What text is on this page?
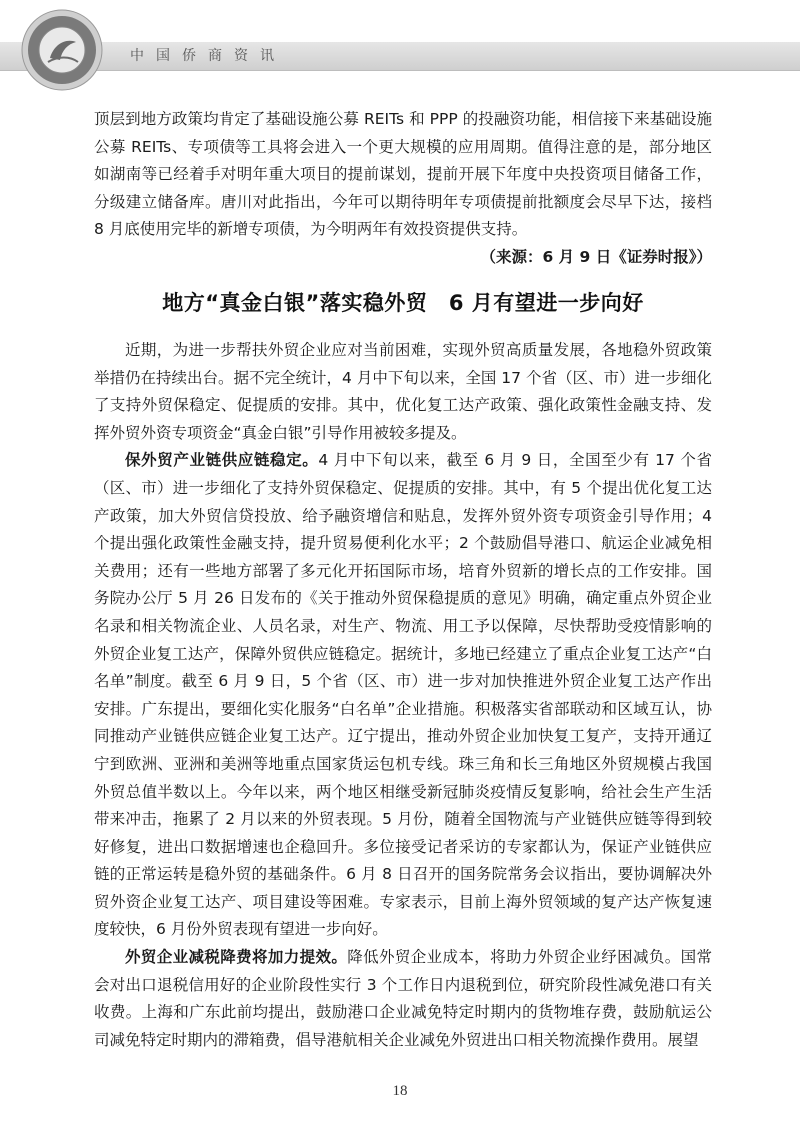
中国侨商联合会
中国侨商资讯

顶层到地方政策均肯定了基础设施公募 REITs 和 PPP 的投融资功能，相信接下来基础设施公募 REITs、专项债等工具将会进入一个更大规模的应用周期。值得注意的是，部分地区如湖南等已经着手对明年重大项目的提前谋划，提前开展下年度中央投资项目储备工作，分级建立储备库。唐川对此指出，今年可以期待明年专项债提前批额度会尽早下达，接档 8 月底使用完毕的新增专项债，为今明两年有效投资提供支持。
（来源：6 月 9 日《证券时报》）

地方“真金白银”落实稳外贸　6 月有望进一步向好

近期，为进一步帮扶外贸企业应对当前困难，实现外贸高质量发展，各地稳外贸政策举措仍在持续出台。据不完全统计，4 月中下旬以来，全国 17 个省（区、市）进一步细化了支持外贸保稳定、促提质的安排。其中，优化复工达产政策、强化政策性金融支持、发挥外贸外资专项资金“真金白银”引导作用被较多提及。

保外贸产业链供应链稳定。4 月中下旬以来，截至 6 月 9 日，全国至少有 17 个省（区、市）进一步细化了支持外贸保稳定、促提质的安排。其中，有 5 个提出优化复工达产政策，加大外贸信贷投放、给予融资增信和贴息，发挥外贸外资专项资金引导作用；4 个提出强化政策性金融支持，提升贸易便利化水平；2 个鼓励倡导港口、航运企业减免相关费用；还有一些地方部署了多元化开拓国际市场，培育外贸新的增长点的工作安排。国务院办公厅 5 月 26 日发布的《关于推动外贸保稳提质的意见》明确，确定重点外贸企业名录和相关物流企业、人员名录，对生产、物流、用工予以保障，尽快帮助受疫情影响的外贸企业复工达产，保障外贸供应链稳定。据统计，多地已经建立了重点企业复工达产“白名单”制度。截至 6 月 9 日，5 个省（区、市）进一步对加快推进外贸企业复工达产作出安排。广东提出，要细化实化服务“白名单”企业措施。积极落实省部联动和区域互认，协同推动产业链供应链企业复工达产。辽宁提出，推动外贸企业加快复工复产，支持开通辽宁到欧洲、亚洲和美洲等地重点国家货运包机专线。珠三角和长三角地区外贸规模占我国外贸总值半数以上。今年以来，两个地区相继受新冠肺炎疫情反复影响，给社会生产生活带来冲击，拖累了 2 月以来的外贸表现。5 月份，随着全国物流与产业链供应链等得到较好修复，进出口数据增速也企稳回升。多位接受记者采访的专家都认为，保证产业链供应链的正常运转是稳外贸的基础条件。6 月 8 日召开的国务院常务会议指出，要协调解决外贸外资企业复工达产、项目建设等困难。专家表示，目前上海外贸领域的复产达产恢复速度较快，6 月份外贸表现有望进一步向好。

外贸企业减税降费将加力提效。降低外贸企业成本，将助力外贸企业纾困减负。国常会对出口退税信用好的企业阶段性实行 3 个工作日内退税到位，研究阶段性减免港口有关收费。上海和广东此前均提出，鼓励港口企业减免特定时期内的货物堆存费，鼓励航运公司减免特定时期内的滞箱费，倡导港航相关企业减免外贸进出口相关物流操作费用。展望

18
